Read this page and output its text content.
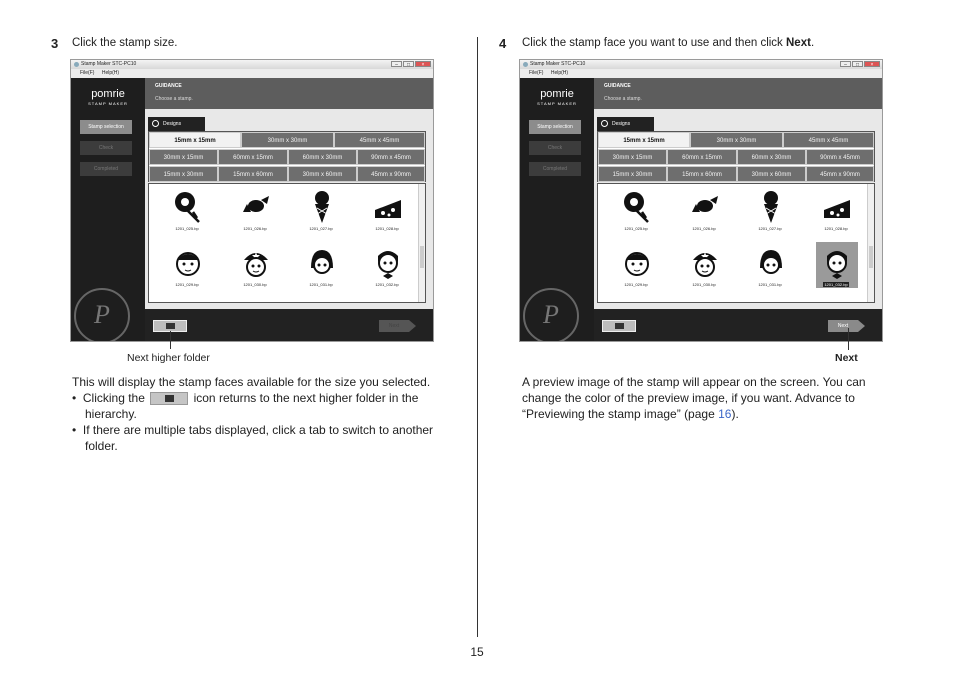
3 Click the stamp size.
Stamp Maker STC-PC10	–	□	×
File(F) Help(H)
pomrie
STAMP MAKER
Stamp selection
Check
Completed
P
GUIDANCE
Choose a stamp.
Designs
15mm x 15mm	30mm x 30mm	45mm x 45mm
30mm x 15mm	60mm x 15mm	60mm x 30mm	90mm x 45mm
15mm x 30mm	15mm x 60mm	30mm x 60mm	45mm x 90mm
1201_025.bp	1201_026.bp	1201_027.bp	1201_028.bp
1201_029.bp	1201_030.bp	1201_031.bp	1201_032.bp
Next
Next higher folder
This will display the stamp faces available for the size you selected.
• Clicking the	icon returns to the next higher folder in the
hierarchy.
• If there are multiple tabs displayed, click a tab to switch to another
folder.
4 Click the stamp face you want to use and then click Next.
Stamp Maker STC-PC10	–	□	×
File(F) Help(H)
pomrie
STAMP MAKER
Stamp selection
Check
Completed
P
GUIDANCE
Choose a stamp.
Designs
15mm x 15mm	30mm x 30mm	45mm x 45mm
30mm x 15mm	60mm x 15mm	60mm x 30mm	90mm x 45mm
15mm x 30mm	15mm x 60mm	30mm x 60mm	45mm x 90mm
1201_025.bp	1201_026.bp	1201_027.bp	1201_028.bp
1201_029.bp	1201_030.bp	1201_031.bp	1201_032.bp
Next
Next
A preview image of the stamp will appear on the screen. You can
change the color of the preview image, if you want. Advance to
“Previewing the stamp image” (page 16).
15
